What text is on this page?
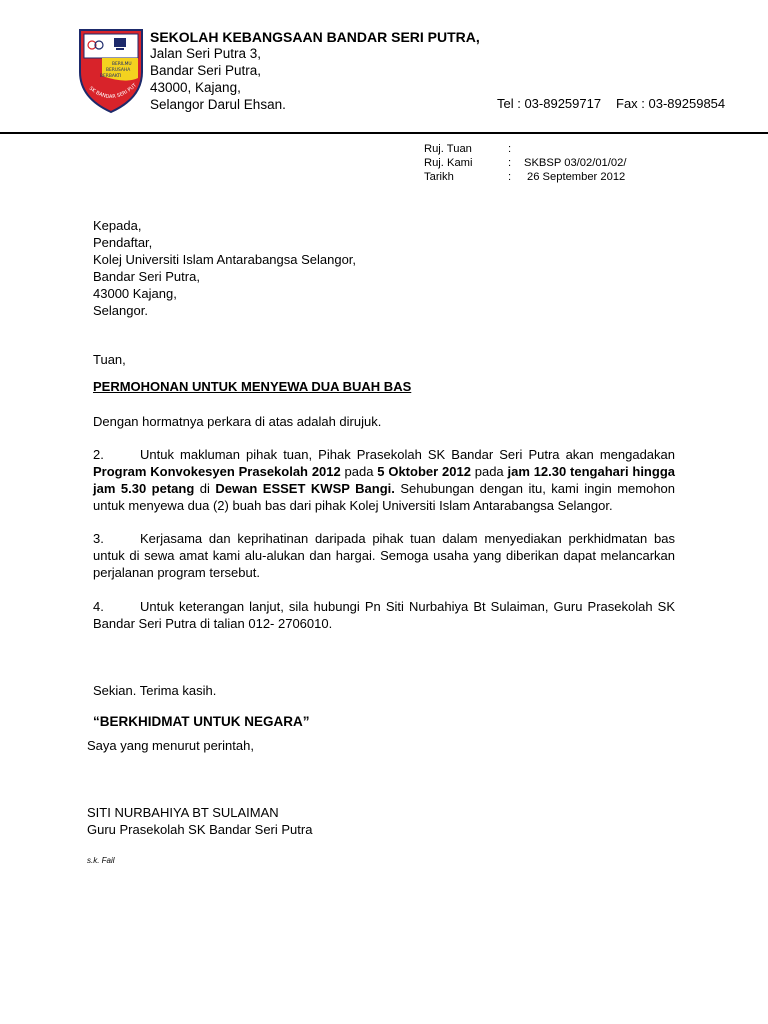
BERILMU
BERUSAHA
BERBAKTI
SK BANDAR SERI PUT
SEKOLAH KEBANGSAAN BANDAR SERI PUTRA,
Jalan Seri Putra 3,
Bandar Seri Putra,
43000, Kajang,
Selangor Darul Ehsan.	Tel : 03-89259717 Fax : 03-89259854
Ruj. Tuan	:
Ruj. Kami	: SKBSP 03/02/01/02/
Tarikh	: 26 September 2012
Kepada,
Pendaftar,
Kolej Universiti Islam Antarabangsa Selangor,
Bandar Seri Putra,
43000 Kajang,
Selangor.
Tuan,
PERMOHONAN UNTUK MENYEWA DUA BUAH BAS
Dengan hormatnya perkara di atas adalah dirujuk.
2.	Untuk makluman pihak tuan, Pihak Prasekolah SK Bandar Seri Putra akan mengadakan Program Konvokesyen Prasekolah 2012 pada 5 Oktober 2012 pada jam 12.30 tengahari hingga jam 5.30 petang di Dewan ESSET KWSP Bangi. Sehubungan dengan itu, kami ingin memohon untuk menyewa dua (2) buah bas dari pihak Kolej Universiti Islam Antarabangsa Selangor.
3.	Kerjasama dan keprihatinan daripada pihak tuan dalam menyediakan perkhidmatan bas untuk di sewa amat kami alu-alukan dan hargai. Semoga usaha yang diberikan dapat melancarkan perjalanan program tersebut.
4.	Untuk keterangan lanjut, sila hubungi Pn Siti Nurbahiya Bt Sulaiman, Guru Prasekolah SK Bandar Seri Putra di talian 012- 2706010.
Sekian. Terima kasih.
“BERKHIDMAT UNTUK NEGARA”
Saya yang menurut perintah,
SITI NURBAHIYA BT SULAIMAN
Guru Prasekolah SK Bandar Seri Putra
s.k. Fail
